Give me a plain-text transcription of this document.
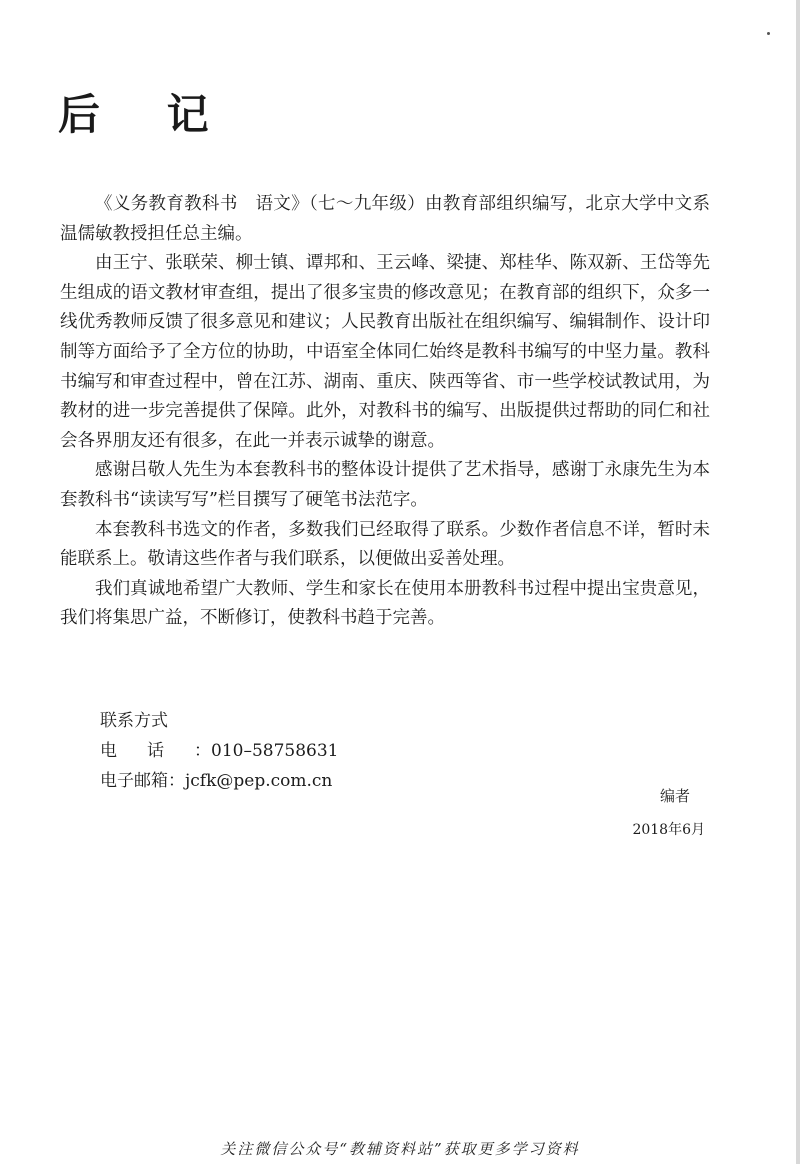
后 记

《义务教育教科书　语文》（七～九年级）由教育部组织编写，北京大学中文系温儒敏教授担任总主编。

由王宁、张联荣、柳士镇、谭邦和、王云峰、梁捷、郑桂华、陈双新、王岱等先生组成的语文教材审查组，提出了很多宝贵的修改意见；在教育部的组织下，众多一线优秀教师反馈了很多意见和建议；人民教育出版社在组织编写、编辑制作、设计印制等方面给予了全方位的协助，中语室全体同仁始终是教科书编写的中坚力量。教科书编写和审查过程中，曾在江苏、湖南、重庆、陕西等省、市一些学校试教试用，为教材的进一步完善提供了保障。此外，对教科书的编写、出版提供过帮助的同仁和社会各界朋友还有很多，在此一并表示诚挚的谢意。

感谢吕敬人先生为本套教科书的整体设计提供了艺术指导，感谢丁永康先生为本套教科书“读读写写”栏目撰写了硬笔书法范字。

本套教科书选文的作者，多数我们已经取得了联系。少数作者信息不详，暂时未能联系上。敬请这些作者与我们联系，以便做出妥善处理。

我们真诚地希望广大教师、学生和家长在使用本册教科书过程中提出宝贵意见，我们将集思广益，不断修订，使教科书趋于完善。

联系方式
电话：010–58758631
电子邮箱：jcfk@pep.com.cn
编者
2018年6月
关注微信公众号“教辅资料站”获取更多学习资料
